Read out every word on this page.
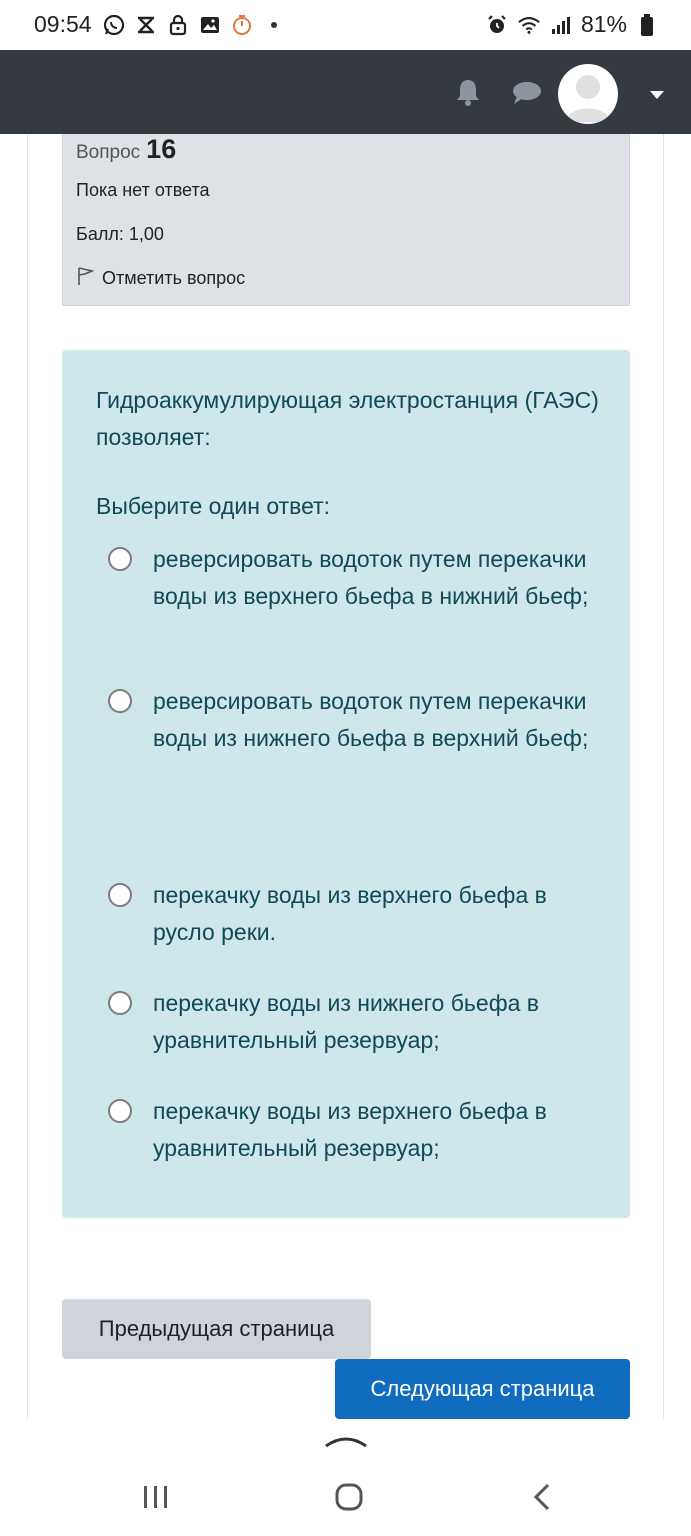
09:54	81%
Вопрос 16
Пока нет ответа
Балл: 1,00
Отметить вопрос
Гидроаккумулирующая электростанция (ГАЭС) позволяет:
Выберите один ответ:
реверсировать водоток путем перекачки воды из верхнего бьефа в нижний бьеф;
реверсировать водоток путем перекачки воды из нижнего бьефа в верхний бьеф;
перекачку воды из верхнего бьефа в русло реки.
перекачку воды из нижнего бьефа в уравнительный резервуар;
перекачку воды из верхнего бьефа в уравнительный резервуар;
Предыдущая страница
Следующая страница
